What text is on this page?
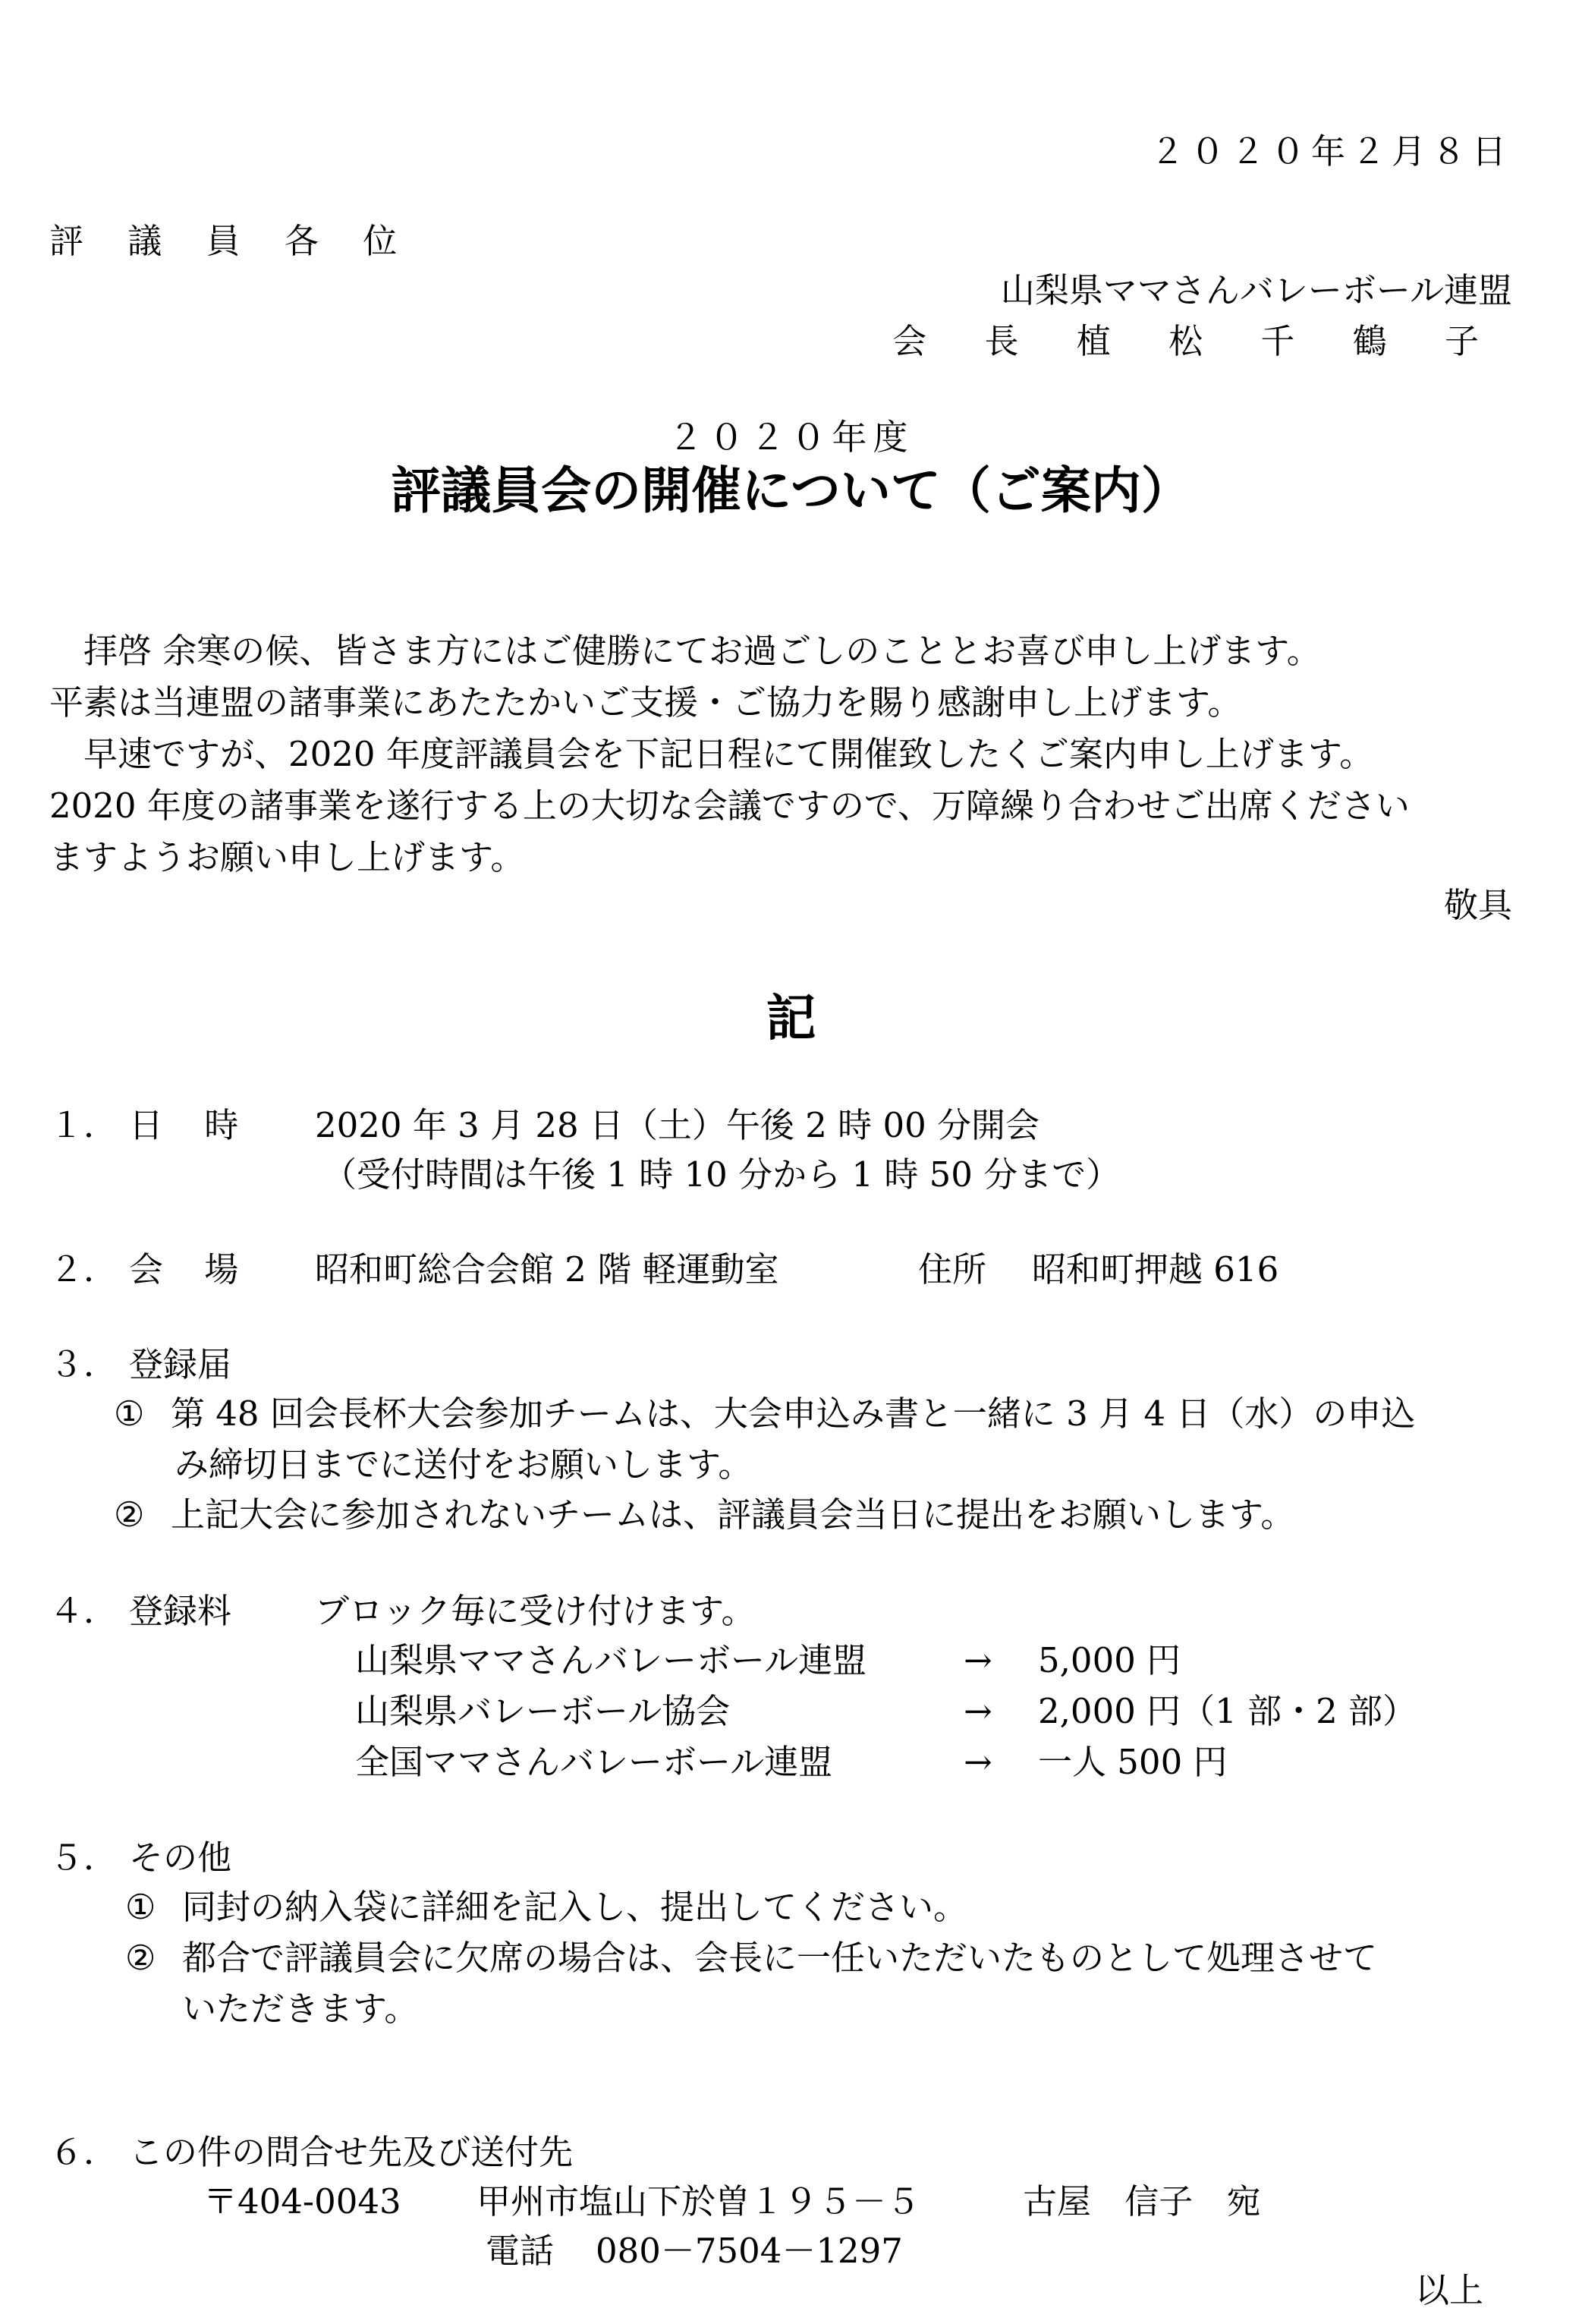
２０２０年２月８日
評 議 員 各 位
山梨県ママさんバレーボール連盟
会 長 植 松 千 鶴 子
２０２０年度
評議員会の開催について（ご案内）
拝啓 余寒の候、皆さま方にはご健勝にてお過ごしのこととお喜び申し上げます。
平素は当連盟の諸事業にあたたかいご支援・ご協力を賜り感謝申し上げます。
早速ですが、2020 年度評議員会を下記日程にて開催致したくご案内申し上げます。
2020 年度の諸事業を遂行する上の大切な会議ですので、万障繰り合わせご出席ください
ますようお願い申し上げます。
敬具
記
１． 日 時 2020 年 3 月 28 日（土）午後 2 時 00 分開会
（受付時間は午後 1 時 10 分から 1 時 50 分まで）
２． 会 場 昭和町総合会館 2 階 軽運動室	住所 昭和町押越 616
３． 登録届
① 第 48 回会長杯大会参加チームは、大会申込み書と一緒に 3 月 4 日（水）の申込
み締切日までに送付をお願いします。
② 上記大会に参加されないチームは、評議員会当日に提出をお願いします。
４． 登録料 ブロック毎に受け付けます。
山梨県ママさんバレーボール連盟	→ 5,000 円
山梨県バレーボール協会	→ 2,000 円（1 部・2 部）
全国ママさんバレーボール連盟	→ 一人 500 円
５． その他
① 同封の納入袋に詳細を記入し、提出してください。
② 都合で評議員会に欠席の場合は、会長に一任いただいたものとして処理させて
いただきます。
６． この件の問合せ先及び送付先
〒404-0043 甲州市塩山下於曽１９５－５	古屋 信子 宛
電話 080－7504－1297
以上
